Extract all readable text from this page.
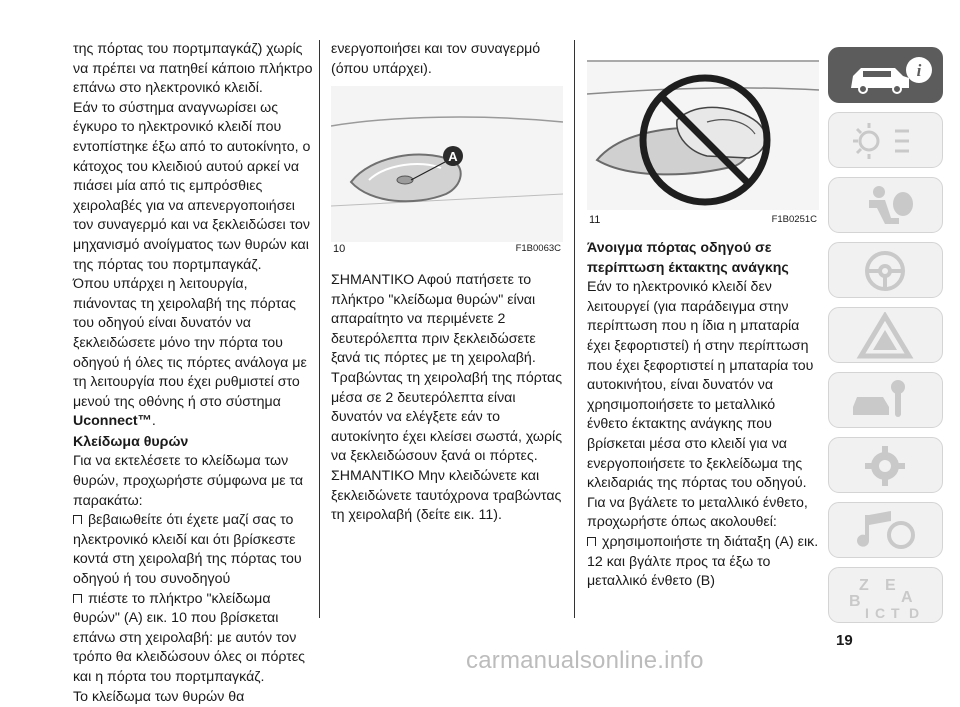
της πόρτας του πορτμπαγκάζ) χωρίς να πρέπει να πατηθεί κάποιο πλήκτρο επάνω στο ηλεκτρονικό κλειδί.

Εάν το σύστημα αναγνωρίσει ως έγκυρο το ηλεκτρονικό κλειδί που εντοπίστηκε έξω από το αυτοκίνητο, ο κάτοχος του κλειδιού αυτού αρκεί να πιάσει μία από τις εμπρόσθιες χειρολαβές για να απενεργοποιήσει τον συναγερμό και να ξεκλειδώσει τον μηχανισμό ανοίγματος των θυρών και της πόρτας του πορτμπαγκάζ.

Όπου υπάρχει η λειτουργία, πιάνοντας τη χειρολαβή της πόρτας του οδηγού είναι δυνατόν να ξεκλειδώσετε μόνο την πόρτα του οδηγού ή όλες τις πόρτες ανάλογα με τη λειτουργία που έχει ρυθμιστεί στο μενού της οθόνης ή στο σύστημα Uconnect™.

Κλείδωμα θυρών

Για να εκτελέσετε το κλείδωμα των θυρών, προχωρήστε σύμφωνα με τα παρακάτω:

βεβαιωθείτε ότι έχετε μαζί σας το ηλεκτρονικό κλειδί και ότι βρίσκεστε κοντά στη χειρολαβή της πόρτας του οδηγού ή του συνοδηγού

πιέστε το πλήκτρο "κλείδωμα θυρών" (A) εικ. 10 που βρίσκεται επάνω στη χειρολαβή: με αυτόν τον τρόπο θα κλειδώσουν όλες οι πόρτες και η πόρτα του πορτμπαγκάζ.

Το κλείδωμα των θυρών θα

ενεργοποιήσει και τον συναγερμό (όπου υπάρχει).

A
10	F1B0063C

ΣΗΜΑΝΤΙΚΟ Αφού πατήσετε το πλήκτρο "κλείδωμα θυρών" είναι απαραίτητο να περιμένετε 2 δευτερόλεπτα πριν ξεκλειδώσετε ξανά τις πόρτες με τη χειρολαβή. Τραβώντας τη χειρολαβή της πόρτας μέσα σε 2 δευτερόλεπτα είναι δυνατόν να ελέγξετε εάν το αυτοκίνητο έχει κλείσει σωστά, χωρίς να ξεκλειδώσουν ξανά οι πόρτες.

ΣΗΜΑΝΤΙΚΟ Μην κλειδώνετε και ξεκλειδώνετε ταυτόχρονα τραβώντας τη χειρολαβή (δείτε εικ. 11).

11	F1B0251C

Άνοιγμα πόρτας οδηγού σε περίπτωση έκτακτης ανάγκης

Εάν το ηλεκτρονικό κλειδί δεν λειτουργεί (για παράδειγμα στην περίπτωση που η ίδια η μπαταρία έχει ξεφορτιστεί) ή στην περίπτωση που έχει ξεφορτιστεί η μπαταρία του αυτοκινήτου, είναι δυνατόν να χρησιμοποιήσετε το μεταλλικό ένθετο έκτακτης ανάγκης που βρίσκεται μέσα στο κλειδί για να ενεργοποιήσετε το ξεκλείδωμα της κλειδαριάς της πόρτας του οδηγού.

Για να βγάλετε το μεταλλικό ένθετο, προχωρήστε όπως ακολουθεί:

χρησιμοποιήστε τη διάταξη (A) εικ. 12 και βγάλτε προς τα έξω το μεταλλικό ένθετο (B)

i
Z E
A
B
D
I C T
19
carmanualsonline.info
